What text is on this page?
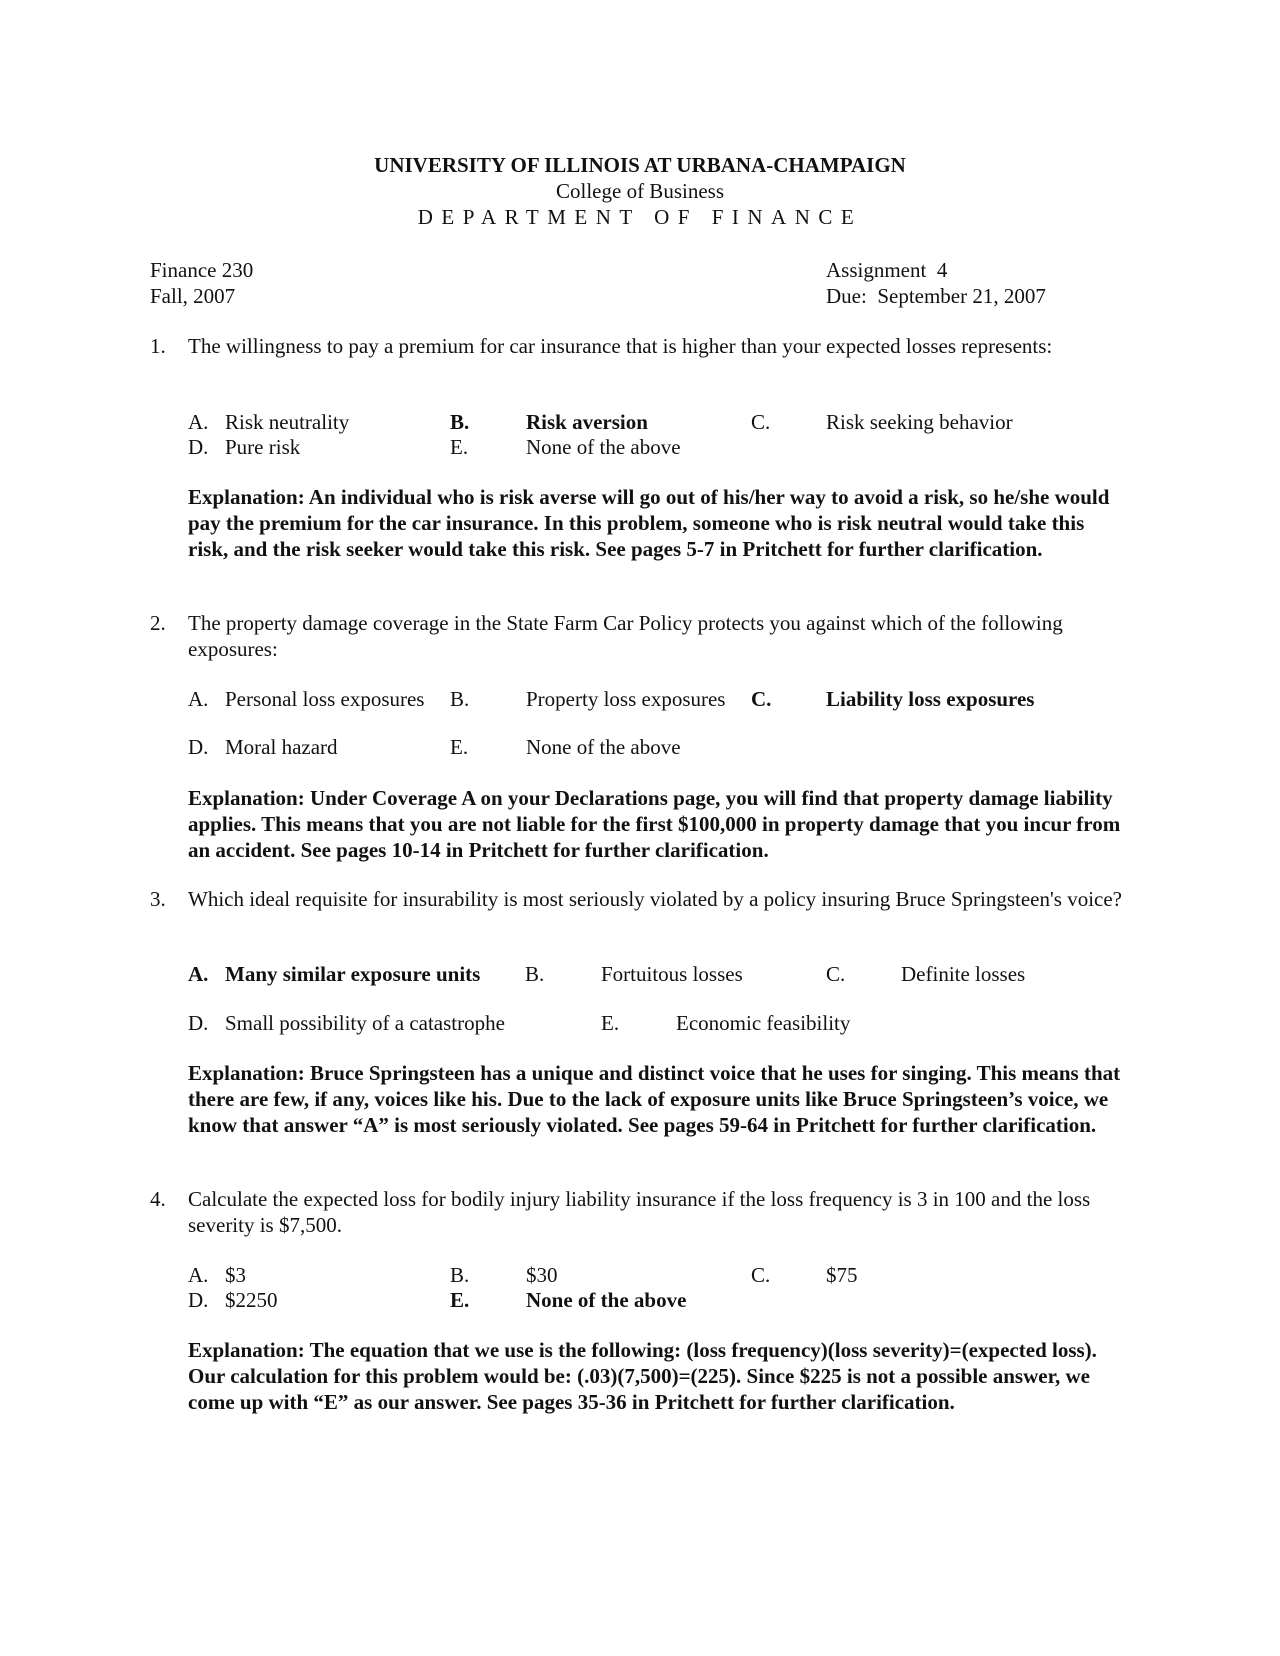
UNIVERSITY OF ILLINOIS AT URBANA-CHAMPAIGN
College of Business
DEPARTMENT OF FINANCE
Finance 230
Fall, 2007
Assignment  4
Due:  September 21, 2007
1. The willingness to pay a premium for car insurance that is higher than your expected losses represents:
A. Risk neutrality	B.	Risk aversion	C.	Risk seeking behavior
D. Pure risk	E.	None of the above
Explanation: An individual who is risk averse will go out of his/her way to avoid a risk, so he/she would pay the premium for the car insurance. In this problem, someone who is risk neutral would take this risk, and the risk seeker would take this risk. See pages 5-7 in Pritchett for further clarification.
2. The property damage coverage in the State Farm Car Policy protects you against which of the following exposures:
A. Personal loss exposures B.	Property loss exposures C.	Liability loss exposures
D. Moral hazard	E.	None of the above
Explanation: Under Coverage A on your Declarations page, you will find that property damage liability applies. This means that you are not liable for the first $100,000 in property damage that you incur from an accident. See pages 10-14 in Pritchett for further clarification.
3. Which ideal requisite for insurability is most seriously violated by a policy insuring Bruce Springsteen's voice?
A. Many similar exposure units B.	Fortuitous losses	C.	Definite losses
D. Small possibility of a catastrophe	E.	Economic feasibility
Explanation: Bruce Springsteen has a unique and distinct voice that he uses for singing. This means that there are few, if any, voices like his. Due to the lack of exposure units like Bruce Springsteen’s voice, we know that answer “A” is most seriously violated. See pages 59-64 in Pritchett for further clarification.
4. Calculate the expected loss for bodily injury liability insurance if the loss frequency is 3 in 100 and the loss severity is $7,500.
A. $3	B.	$30	C.	$75
D. $2250	E.	None of the above
Explanation: The equation that we use is the following: (loss frequency)(loss severity)=(expected loss). Our calculation for this problem would be: (.03)(7,500)=(225). Since $225 is not a possible answer, we come up with “E” as our answer. See pages 35-36 in Pritchett for further clarification.
